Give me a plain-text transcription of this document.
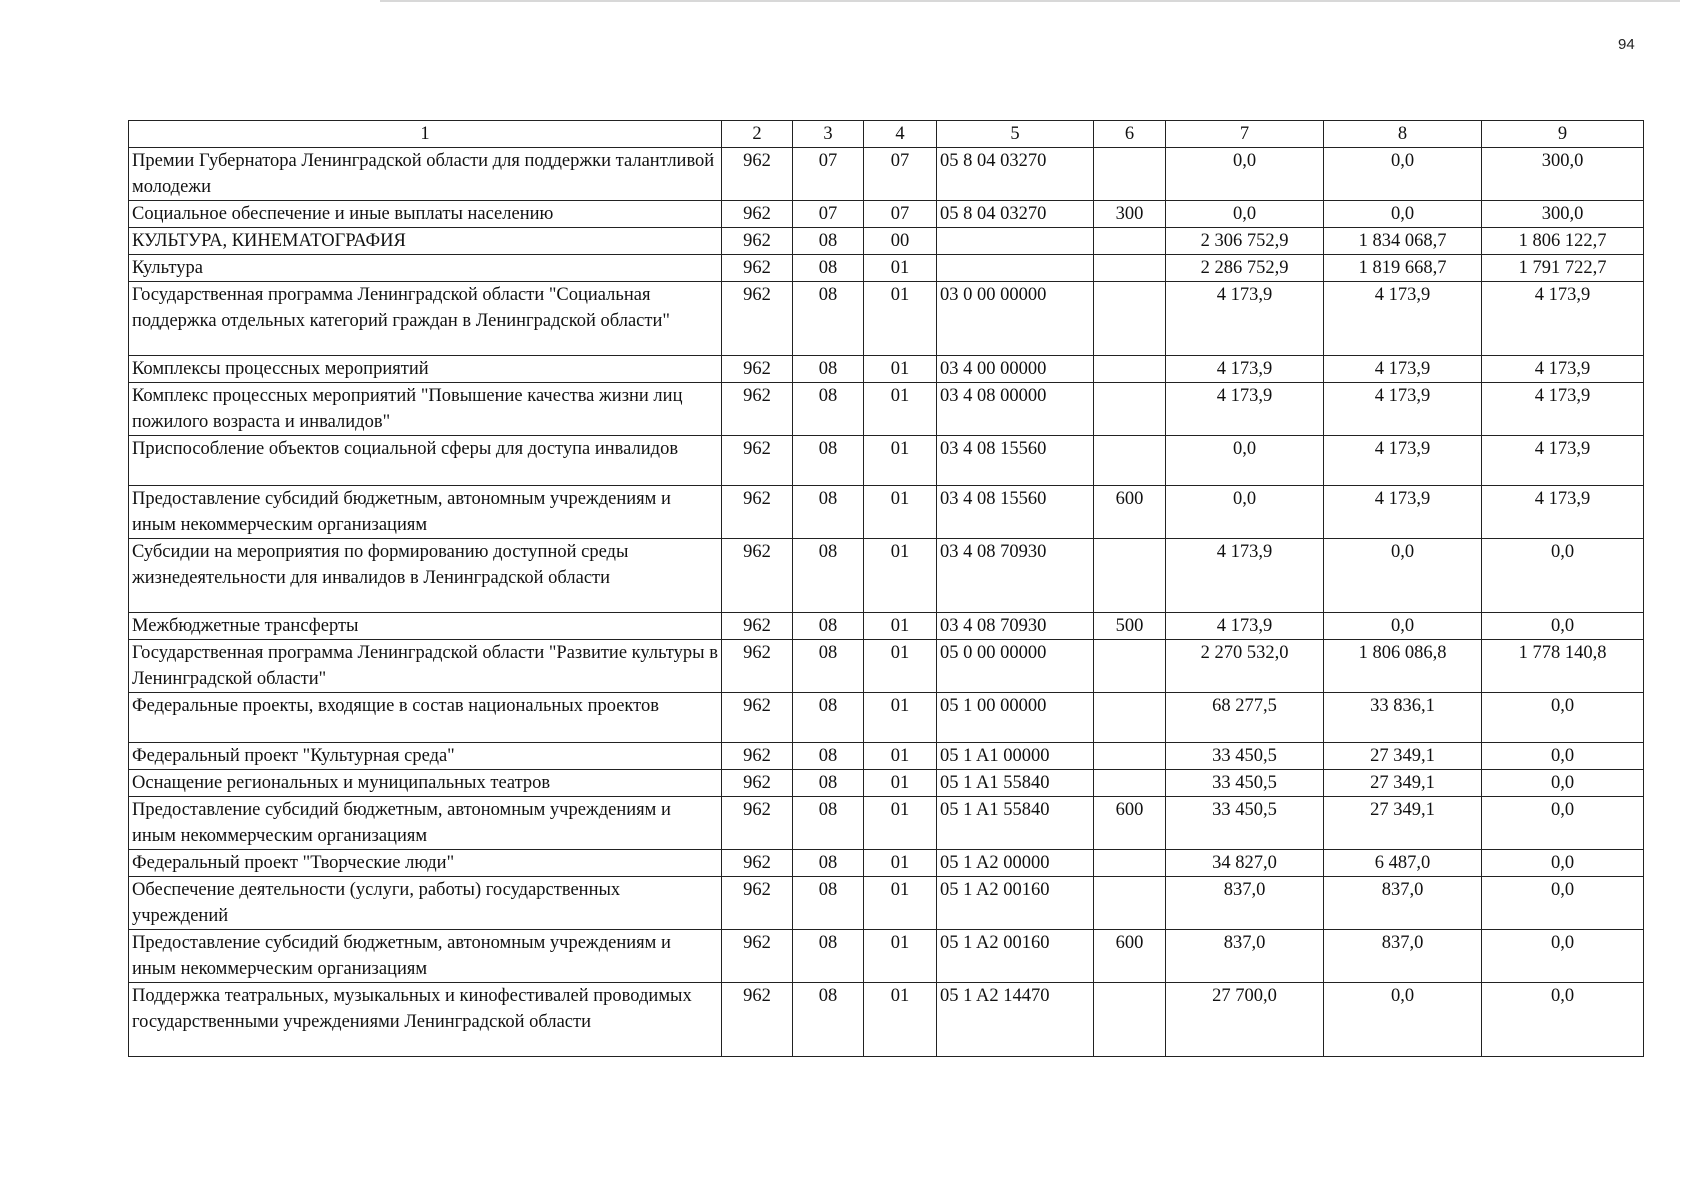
94
1	2	3	4	5	6	7	8	9
Премии Губернатора Ленинградской области для поддержки талантливой молодежи	962	07	07	05 8 04 03270		0,0	0,0	300,0
Социальное обеспечение и иные выплаты населению	962	07	07	05 8 04 03270	300	0,0	0,0	300,0
КУЛЬТУРА, КИНЕМАТОГРАФИЯ	962	08	00			2 306 752,9	1 834 068,7	1 806 122,7
Культура	962	08	01			2 286 752,9	1 819 668,7	1 791 722,7
Государственная программа Ленинградской области "Социальная поддержка отдельных категорий граждан в Ленинградской области"	962	08	01	03 0 00 00000		4 173,9	4 173,9	4 173,9
Комплексы процессных мероприятий	962	08	01	03 4 00 00000		4 173,9	4 173,9	4 173,9
Комплекс процессных мероприятий "Повышение качества жизни лиц пожилого возраста и инвалидов"	962	08	01	03 4 08 00000		4 173,9	4 173,9	4 173,9
Приспособление объектов социальной сферы для доступа инвалидов	962	08	01	03 4 08 15560		0,0	4 173,9	4 173,9
Предоставление субсидий бюджетным, автономным учреждениям и иным некоммерческим организациям	962	08	01	03 4 08 15560	600	0,0	4 173,9	4 173,9
Субсидии на мероприятия по формированию доступной среды жизнедеятельности для инвалидов в Ленинградской области	962	08	01	03 4 08 70930		4 173,9	0,0	0,0
Межбюджетные трансферты	962	08	01	03 4 08 70930	500	4 173,9	0,0	0,0
Государственная программа Ленинградской области "Развитие культуры в Ленинградской области"	962	08	01	05 0 00 00000		2 270 532,0	1 806 086,8	1 778 140,8
Федеральные проекты, входящие в состав национальных проектов	962	08	01	05 1 00 00000		68 277,5	33 836,1	0,0
Федеральный проект "Культурная среда"	962	08	01	05 1 A1 00000		33 450,5	27 349,1	0,0
Оснащение региональных и муниципальных театров	962	08	01	05 1 A1 55840		33 450,5	27 349,1	0,0
Предоставление субсидий бюджетным, автономным учреждениям и иным некоммерческим организациям	962	08	01	05 1 A1 55840	600	33 450,5	27 349,1	0,0
Федеральный проект "Творческие люди"	962	08	01	05 1 A2 00000		34 827,0	6 487,0	0,0
Обеспечение деятельности (услуги, работы) государственных учреждений	962	08	01	05 1 A2 00160		837,0	837,0	0,0
Предоставление субсидий бюджетным, автономным учреждениям и иным некоммерческим организациям	962	08	01	05 1 A2 00160	600	837,0	837,0	0,0
Поддержка театральных, музыкальных и кинофестивалей проводимых государственными учреждениями Ленинградской области	962	08	01	05 1 A2 14470		27 700,0	0,0	0,0
